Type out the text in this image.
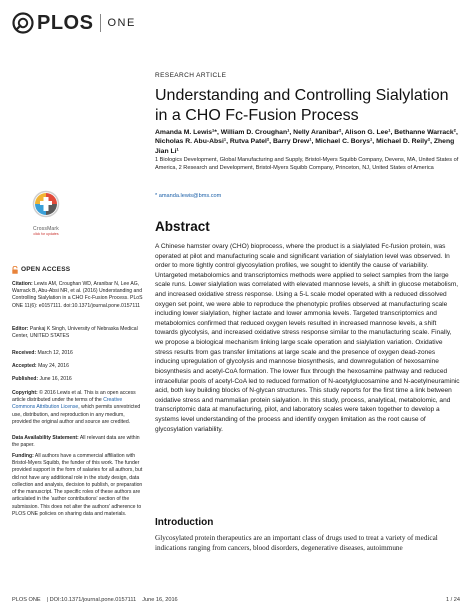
PLOS ONE
RESEARCH ARTICLE
Understanding and Controlling Sialylation in a CHO Fc-Fusion Process
Amanda M. Lewis¹*, William D. Croughan¹, Nelly Aranibar², Alison G. Lee¹, Bethanne Warrack², Nicholas R. Abu-Absi¹, Rutva Patel², Barry Drew¹, Michael C. Borys¹, Michael D. Reily², Zheng Jian Li¹
1 Biologics Development, Global Manufacturing and Supply, Bristol-Myers Squibb Company, Devens, MA, United States of America, 2 Research and Development, Bristol-Myers Squibb Company, Princeton, NJ, United States of America
* amanda.lewis@bms.com
Abstract

A Chinese hamster ovary (CHO) bioprocess, where the product is a sialylated Fc-fusion protein, was operated at pilot and manufacturing scale and significant variation of sialylation level was observed. In order to more tightly control glycosylation profiles, we sought to identify the cause of variability. Untargeted metabolomics and transcriptomics methods were applied to select samples from the large scale runs. Lower sialylation was correlated with elevated mannose levels, a shift in glucose metabolism, and increased oxidative stress response. Using a 5-L scale model operated with a reduced dissolved oxygen set point, we were able to reproduce the phenotypic profiles observed at manufacturing scale including lower sialylation, higher lactate and lower ammonia levels. Targeted transcriptomics and metabolomics confirmed that reduced oxygen levels resulted in increased mannose levels, a shift towards glycolysis, and increased oxidative stress response similar to the manufacturing scale. Finally, we propose a biological mechanism linking large scale operation and sialylation variation. Oxidative stress results from gas transfer limitations at large scale and the presence of oxygen dead-zones inducing upregulation of glycolysis and mannose biosynthesis, and downregulation of hexosamine biosynthesis and acetyl-CoA formation. The lower flux through the hexosamine pathway and reduced intracellular pools of acetyl-CoA led to reduced formation of N-acetylglucosamine and N-acetylneuraminic acid, both key building blocks of N-glycan structures. This study reports for the first time a link between oxidative stress and mammalian protein sialyation. In this study, process, analytical, metabolomic, and transcriptomic data at manufacturing, pilot, and laboratory scales were taken together to develop a systems level understanding of the process and identify oxygen limitation as the root cause of glycosylation variability.

Introduction

Glycosylated protein therapeutics are an important class of drugs used to treat a variety of medical indications ranging from cancers, blood disorders, degenerative diseases, autoimmune

CrossMark
click for updates
OPEN ACCESS
Citation: Lewis AM, Croughan WD, Aranibar N, Lee AG, Warrack B, Abu-Absi NR, et al. (2016) Understanding and Controlling Sialylation in a CHO Fc-Fusion Process. PLoS ONE 11(6): e0157111. doi:10.1371/journal.pone.0157111
Editor: Pankaj K Singh, University of Nebraska Medical Center, UNITED STATES
Received: March 12, 2016
Accepted: May 24, 2016
Published: June 16, 2016
Copyright: © 2016 Lewis et al. This is an open access article distributed under the terms of the Creative Commons Attribution License, which permits unrestricted use, distribution, and reproduction in any medium, provided the original author and source are credited.
Data Availability Statement: All relevant data are within the paper.
Funding: All authors have a commercial affiliation with Bristol-Myers Squibb, the funder of this work. The funder provided support in the form of salaries for all authors, but did not have any additional role in the study design, data collection and analysis, decision to publish, or preparation of the manuscript. The specific roles of these authors are articulated in the 'author contributions' section of the submission. This does not alter the authors' adherence to PLOS ONE policies on sharing data and materials.
PLOS ONE | DOI:10.1371/journal.pone.0157111 June 16, 2016	1 / 24
